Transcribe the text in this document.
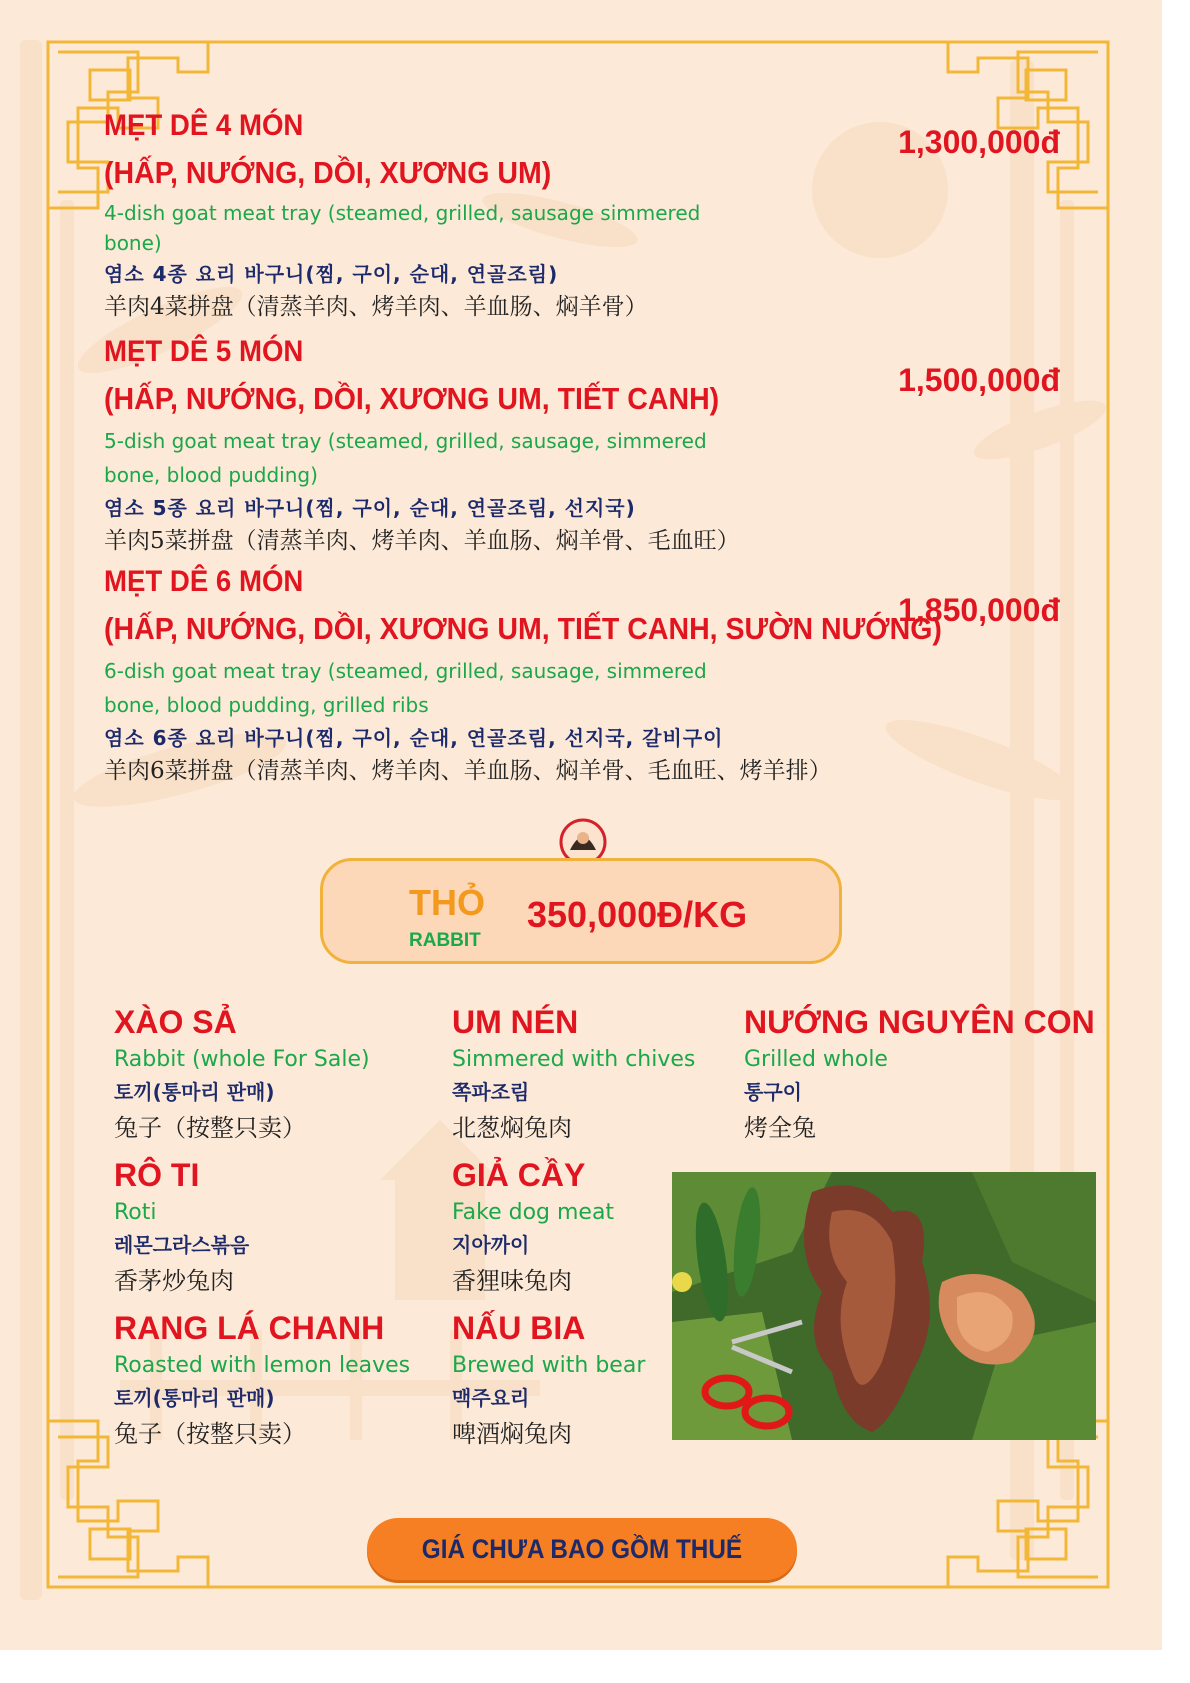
MẸT DÊ 4 MÓN
(HẤP, NƯỚNG, DỒI, XƯƠNG UM)
4-dish goat meat tray (steamed, grilled, sausage simmered bone)
염소 4종 요리 바구니(찜, 구이, 순대, 연골조림)
羊肉4菜拼盘（清蒸羊肉、烤羊肉、羊血肠、焖羊骨）
1,300,000đ
MẸT DÊ 5 MÓN
(HẤP, NƯỚNG, DỒI, XƯƠNG UM, TIẾT CANH)
5-dish goat meat tray (steamed, grilled, sausage, simmered bone, blood pudding)
염소 5종 요리 바구니(찜, 구이, 순대, 연골조림, 선지국)
羊肉5菜拼盘（清蒸羊肉、烤羊肉、羊血肠、焖羊骨、毛血旺）
1,500,000đ
MẸT DÊ 6 MÓN
(HẤP, NƯỚNG, DỒI, XƯƠNG UM, TIẾT CANH, SƯỜN NƯỚNG)
6-dish goat meat tray (steamed, grilled, sausage, simmered bone, blood pudding, grilled ribs
염소 6종 요리 바구니(찜, 구이, 순대, 연골조림, 선지국, 갈비구이
羊肉6菜拼盘（清蒸羊肉、烤羊肉、羊血肠、焖羊骨、毛血旺、烤羊排）
1,850,000đ
THỎ
RABBIT
350,000Đ/KG
XÀO SẢ
Rabbit (whole For Sale)
토끼(통마리 판매)
兔子（按整只卖）
UM NÉN
Simmered with chives
쪽파조림
北葱焖兔肉
NƯỚNG NGUYÊN CON
Grilled whole
통구이
烤全兔
RÔ TI
Roti
레몬그라스볶음
香茅炒兔肉
GIẢ CẦY
Fake dog meat
지아까이
香狸味兔肉
RANG LÁ CHANH
Roasted with lemon leaves
토끼(통마리 판매)
兔子（按整只卖）
NẤU BIA
Brewed with bear
맥주요리
啤酒焖兔肉
GIÁ CHƯA BAO GỒM THUẾ
